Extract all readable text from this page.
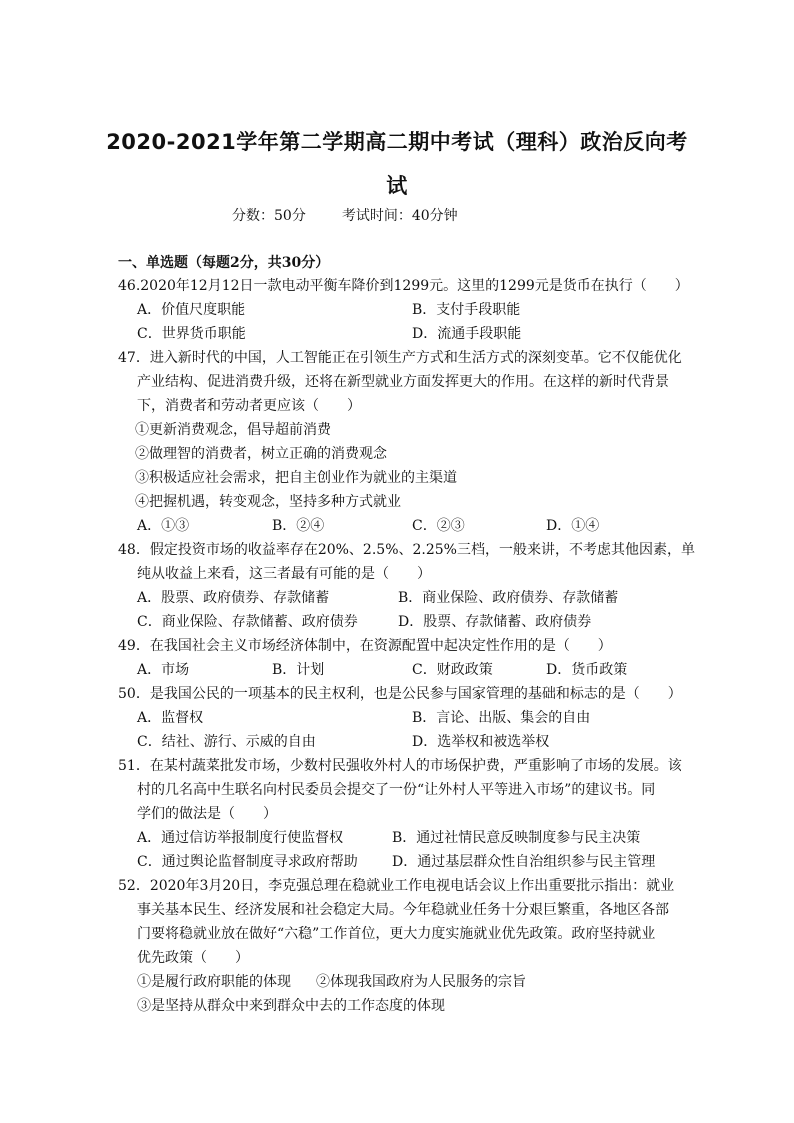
2020-2021学年第二学期高二期中考试（理科）政治反向考
试
分数：50分	考试时间：40分钟
一、单选题（每题2分，共30分）
46.2020年12月12日一款电动平衡车降价到1299元。这里的1299元是货币在执行（　　）
A．价值尺度职能	B．支付手段职能
C．世界货币职能	D．流通手段职能
47．进入新时代的中国，人工智能正在引领生产方式和生活方式的深刻变革。它不仅能优化
产业结构、促进消费升级，还将在新型就业方面发挥更大的作用。在这样的新时代背景
下，消费者和劳动者更应该（　　）
①更新消费观念，倡导超前消费
②做理智的消费者，树立正确的消费观念
③积极适应社会需求，把自主创业作为就业的主渠道
④把握机遇，转变观念，坚持多种方式就业
A．①③	B．②④	C．②③	D．①④
48．假定投资市场的收益率存在20%、2.5%、2.25%三档，一般来讲，不考虑其他因素，单
纯从收益上来看，这三者最有可能的是（　　）
A．股票、政府债券、存款储蓄	B．商业保险、政府债券、存款储蓄
C．商业保险、存款储蓄、政府债券	D．股票、存款储蓄、政府债券
49．在我国社会主义市场经济体制中，在资源配置中起决定性作用的是（　　）
A．市场	B．计划	C．财政政策	D．货币政策
50．是我国公民的一项基本的民主权利，也是公民参与国家管理的基础和标志的是（　　）
A．监督权	B．言论、出版、集会的自由
C．结社、游行、示威的自由	D．选举权和被选举权
51．在某村蔬菜批发市场，少数村民强收外村人的市场保护费，严重影响了市场的发展。该
村的几名高中生联名向村民委员会提交了一份“让外村人平等进入市场”的建议书。同
学们的做法是（　　）
A．通过信访举报制度行使监督权	B．通过社情民意反映制度参与民主决策
C．通过舆论监督制度寻求政府帮助 D．通过基层群众性自治组织参与民主管理
52．2020年3月20日，李克强总理在稳就业工作电视电话会议上作出重要批示指出：就业
事关基本民生、经济发展和社会稳定大局。今年稳就业任务十分艰巨繁重，各地区各部
门要将稳就业放在做好“六稳”工作首位，更大力度实施就业优先政策。政府坚持就业
优先政策（　　）
①是履行政府职能的体现 ②体现我国政府为人民服务的宗旨
③是坚持从群众中来到群众中去的工作态度的体现
